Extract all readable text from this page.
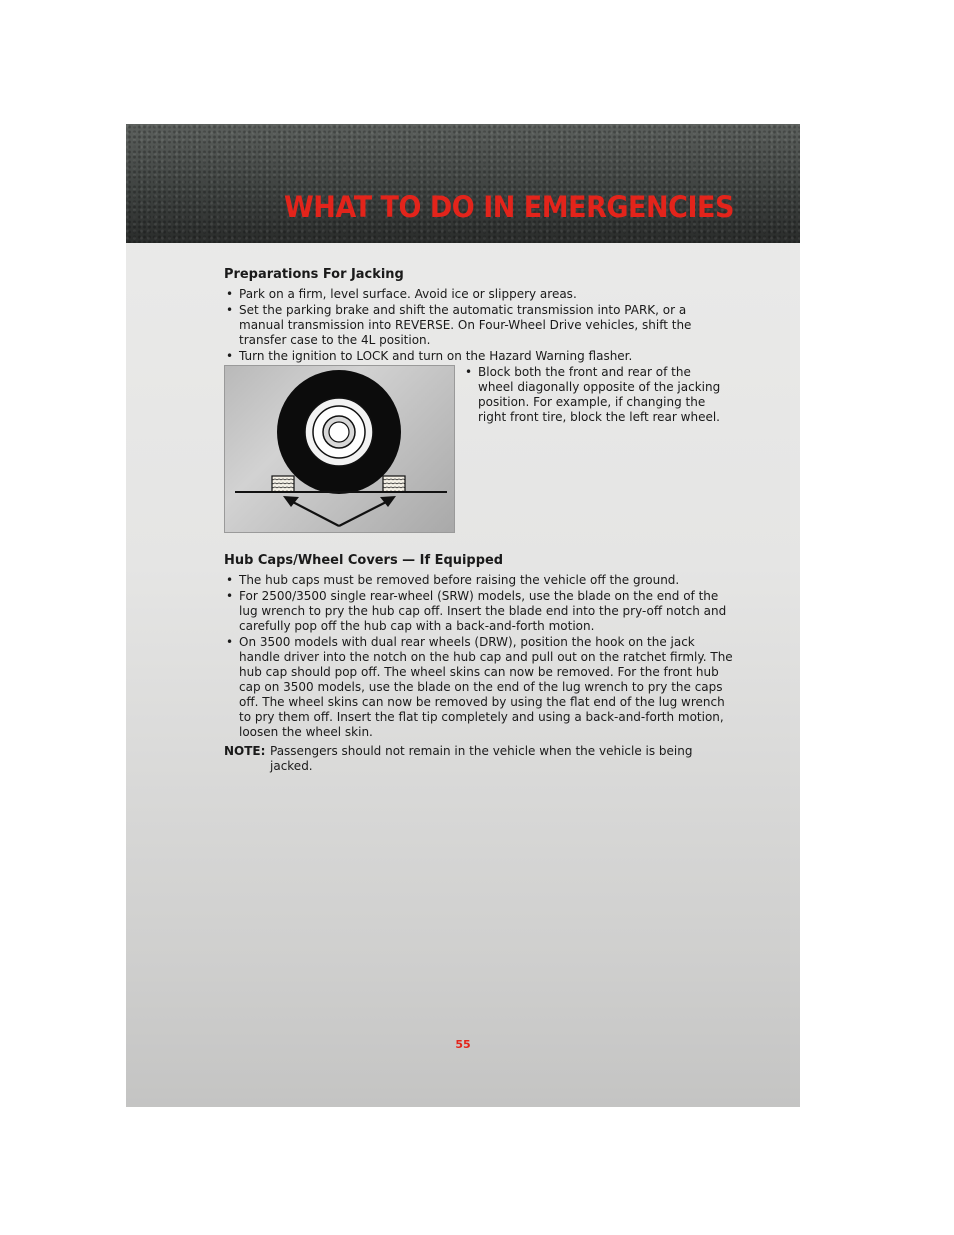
WHAT TO DO IN EMERGENCIES
Preparations For Jacking
• Park on a firm, level surface. Avoid ice or slippery areas.
• Set the parking brake and shift the automatic transmission into PARK, or a manual transmission into REVERSE. On Four-Wheel Drive vehicles, shift the transfer case to the 4L position.
• Turn the ignition to LOCK and turn on the Hazard Warning flasher.
• Block both the front and rear of the wheel diagonally opposite of the jacking position. For example, if changing the right front tire, block the left rear wheel.
Hub Caps/Wheel Covers — If Equipped
• The hub caps must be removed before raising the vehicle off the ground.
• For 2500/3500 single rear-wheel (SRW) models, use the blade on the end of the lug wrench to pry the hub cap off. Insert the blade end into the pry-off notch and carefully pop off the hub cap with a back-and-forth motion.
• On 3500 models with dual rear wheels (DRW), position the hook on the jack handle driver into the notch on the hub cap and pull out on the ratchet firmly. The hub cap should pop off. The wheel skins can now be removed. For the front hub cap on 3500 models, use the blade on the end of the lug wrench to pry the caps off. The wheel skins can now be removed by using the flat end of the lug wrench to pry them off. Insert the flat tip completely and using a back-and-forth motion, loosen the wheel skin.
NOTE: Passengers should not remain in the vehicle when the vehicle is being jacked.
55
